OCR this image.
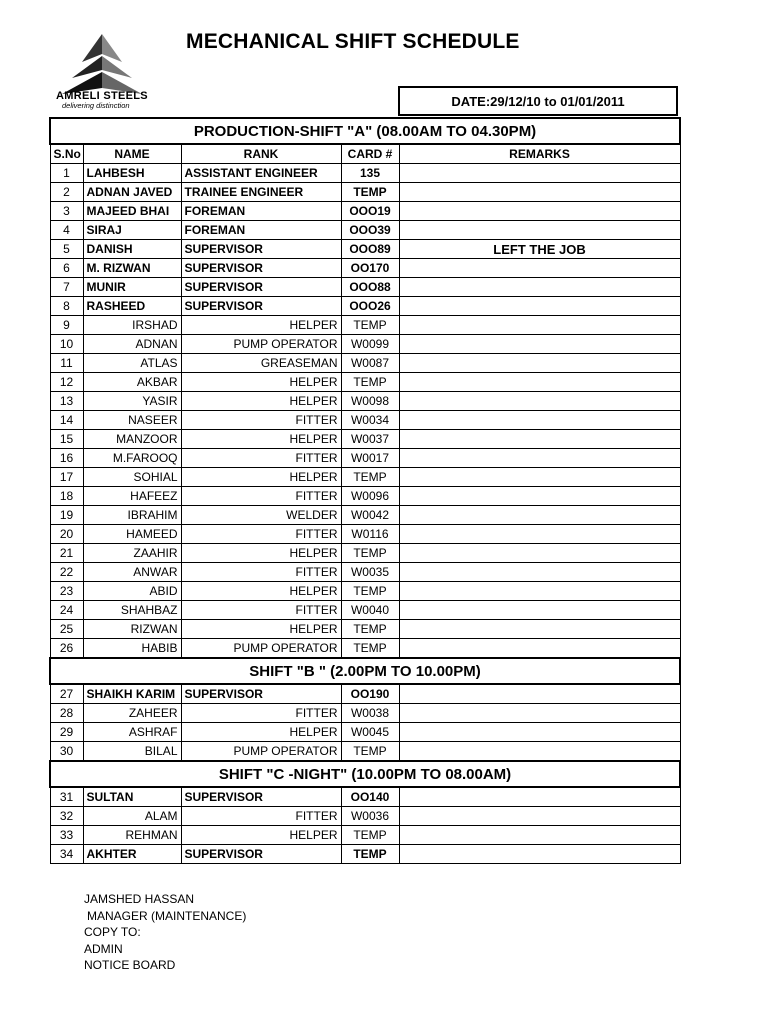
AMRELI STEELS
delivering distinction
MECHANICAL SHIFT SCHEDULE
DATE:29/12/10 to 01/01/2011
PRODUCTION-SHIFT "A" (08.00AM TO 04.30PM)				
S.No	NAME	RANK	CARD #	REMARKS
1	LAHBESH	ASSISTANT ENGINEER	135	
2	ADNAN JAVED	TRAINEE ENGINEER	TEMP	
3	MAJEED BHAI	FOREMAN	OOO19	
4	SIRAJ	FOREMAN	OOO39	
5	DANISH	SUPERVISOR	OOO89	LEFT THE JOB
6	M. RIZWAN	SUPERVISOR	OO170	
7	MUNIR	SUPERVISOR	OOO88	
8	RASHEED	SUPERVISOR	OOO26	
9	IRSHAD	HELPER	TEMP	
10	ADNAN	PUMP OPERATOR	W0099	
11	ATLAS	GREASEMAN	W0087	
12	AKBAR	HELPER	TEMP	
13	YASIR	HELPER	W0098	
14	NASEER	FITTER	W0034	
15	MANZOOR	HELPER	W0037	
16	M.FAROOQ	FITTER	W0017	
17	SOHIAL	HELPER	TEMP	
18	HAFEEZ	FITTER	W0096	
19	IBRAHIM	WELDER	W0042	
20	HAMEED	FITTER	W0116	
21	ZAAHIR	HELPER	TEMP	
22	ANWAR	FITTER	W0035	
23	ABID	HELPER	TEMP	
24	SHAHBAZ	FITTER	W0040	
25	RIZWAN	HELPER	TEMP	
26	HABIB	PUMP OPERATOR	TEMP	
SHIFT "B " (2.00PM TO 10.00PM)				
27	SHAIKH KARIM	SUPERVISOR	OO190	
28	ZAHEER	FITTER	W0038	
29	ASHRAF	HELPER	W0045	
30	BILAL	PUMP OPERATOR	TEMP	
SHIFT "C -NIGHT" (10.00PM TO 08.00AM)				
31	SULTAN	SUPERVISOR	OO140	
32	ALAM	FITTER	W0036	
33	REHMAN	HELPER	TEMP	
34	AKHTER	SUPERVISOR	TEMP	
JAMSHED HASSAN
MANAGER (MAINTENANCE)
COPY TO:
ADMIN
NOTICE BOARD
